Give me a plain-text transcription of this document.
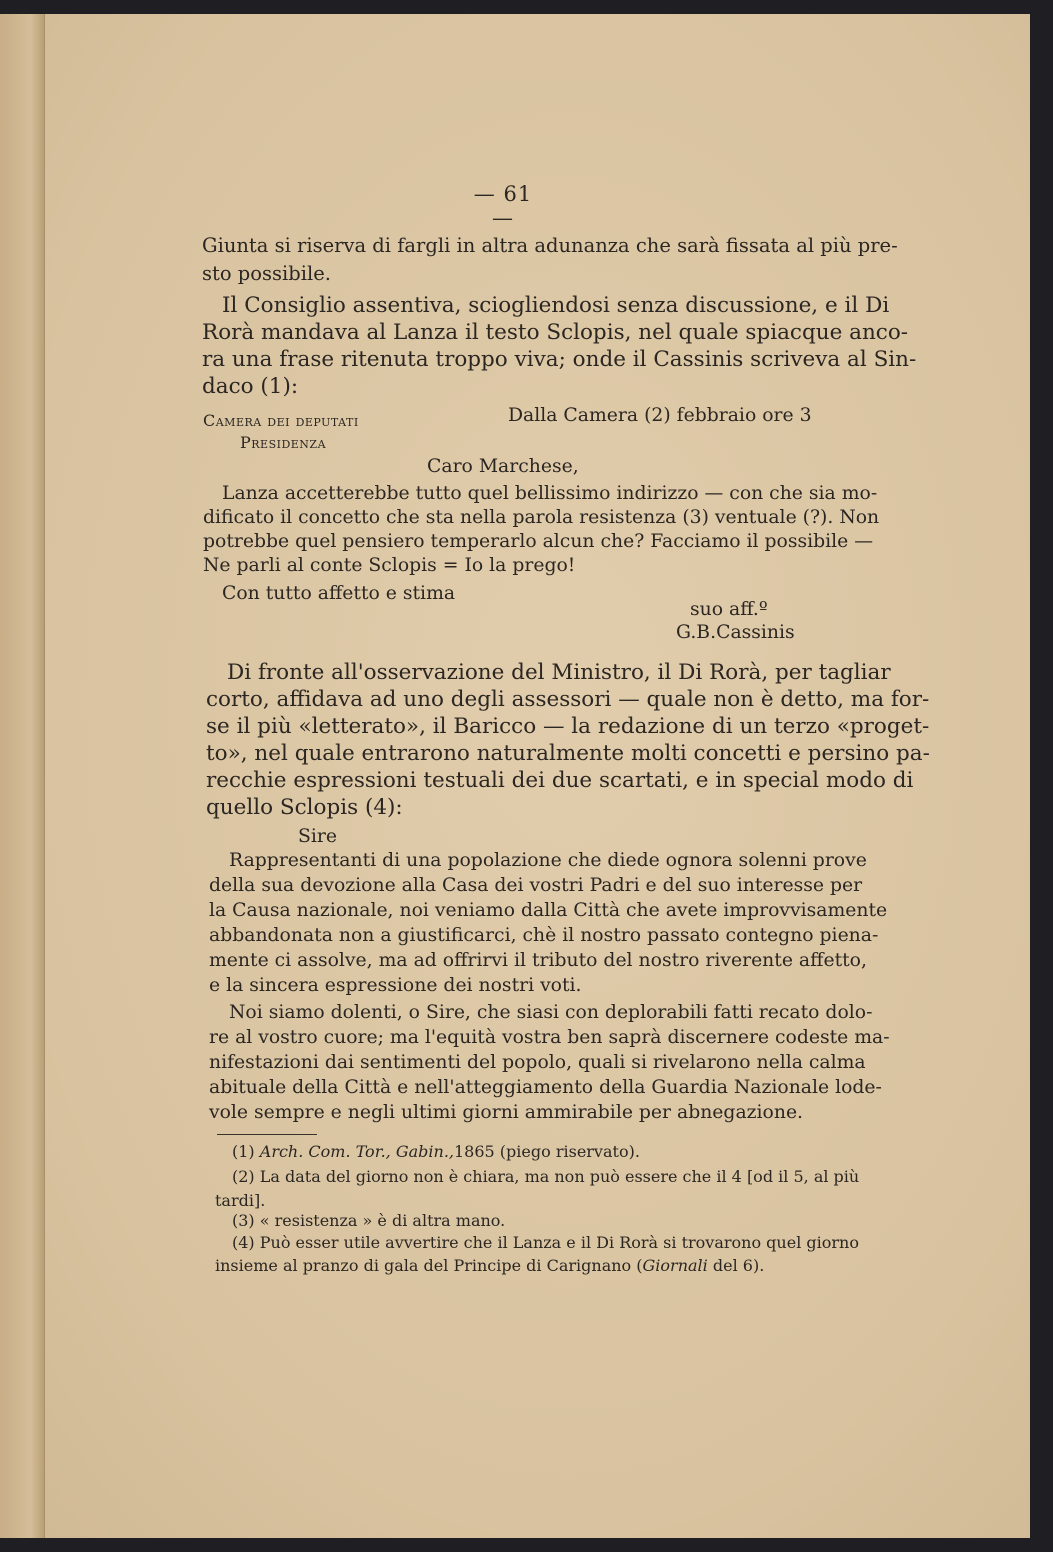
— 61 —
Giunta si riserva di fargli in altra adunanza che sarà fissata al più pre-
sto possibile.
Il Consiglio assentiva, sciogliendosi senza discussione, e il Di
Rorà mandava al Lanza il testo Sclopis, nel quale spiacque anco-
ra una frase ritenuta troppo viva; onde il Cassinis scriveva al Sin-
daco (1):
Camera dei deputati
Presidenza
Dalla Camera (2) febbraio ore 3
Caro Marchese,
Lanza accetterebbe tutto quel bellissimo indirizzo — con che sia mo-
dificato il concetto che sta nella parola resistenza (3) ventuale (?). Non
potrebbe quel pensiero temperarlo alcun che? Facciamo il possibile —
Ne parli al conte Sclopis = Io la prego!
Con tutto affetto e stima
suo aff.º
G.B.Cassinis
Di fronte all'osservazione del Ministro, il Di Rorà, per tagliar
corto, affidava ad uno degli assessori — quale non è detto, ma for-
se il più «letterato», il Baricco — la redazione di un terzo «proget-
to», nel quale entrarono naturalmente molti concetti e persino pa-
recchie espressioni testuali dei due scartati, e in special modo di
quello Sclopis (4):
Sire
Rappresentanti di una popolazione che diede ognora solenni prove
della sua devozione alla Casa dei vostri Padri e del suo interesse per
la Causa nazionale, noi veniamo dalla Città che avete improvvisamente
abbandonata non a giustificarci, chè il nostro passato contegno piena-
mente ci assolve, ma ad offrirvi il tributo del nostro riverente affetto,
e la sincera espressione dei nostri voti.
Noi siamo dolenti, o Sire, che siasi con deplorabili fatti recato dolo-
re al vostro cuore; ma l'equità vostra ben saprà discernere codeste ma-
nifestazioni dai sentimenti del popolo, quali si rivelarono nella calma
abituale della Città e nell'atteggiamento della Guardia Nazionale lode-
vole sempre e negli ultimi giorni ammirabile per abnegazione.
(1) Arch. Com. Tor., Gabin.,1865 (piego riservato).
(2) La data del giorno non è chiara, ma non può essere che il 4 [od il 5, al più
tardi].
(3) « resistenza » è di altra mano.
(4) Può esser utile avvertire che il Lanza e il Di Rorà si trovarono quel giorno
insieme al pranzo di gala del Principe di Carignano (Giornali del 6).
